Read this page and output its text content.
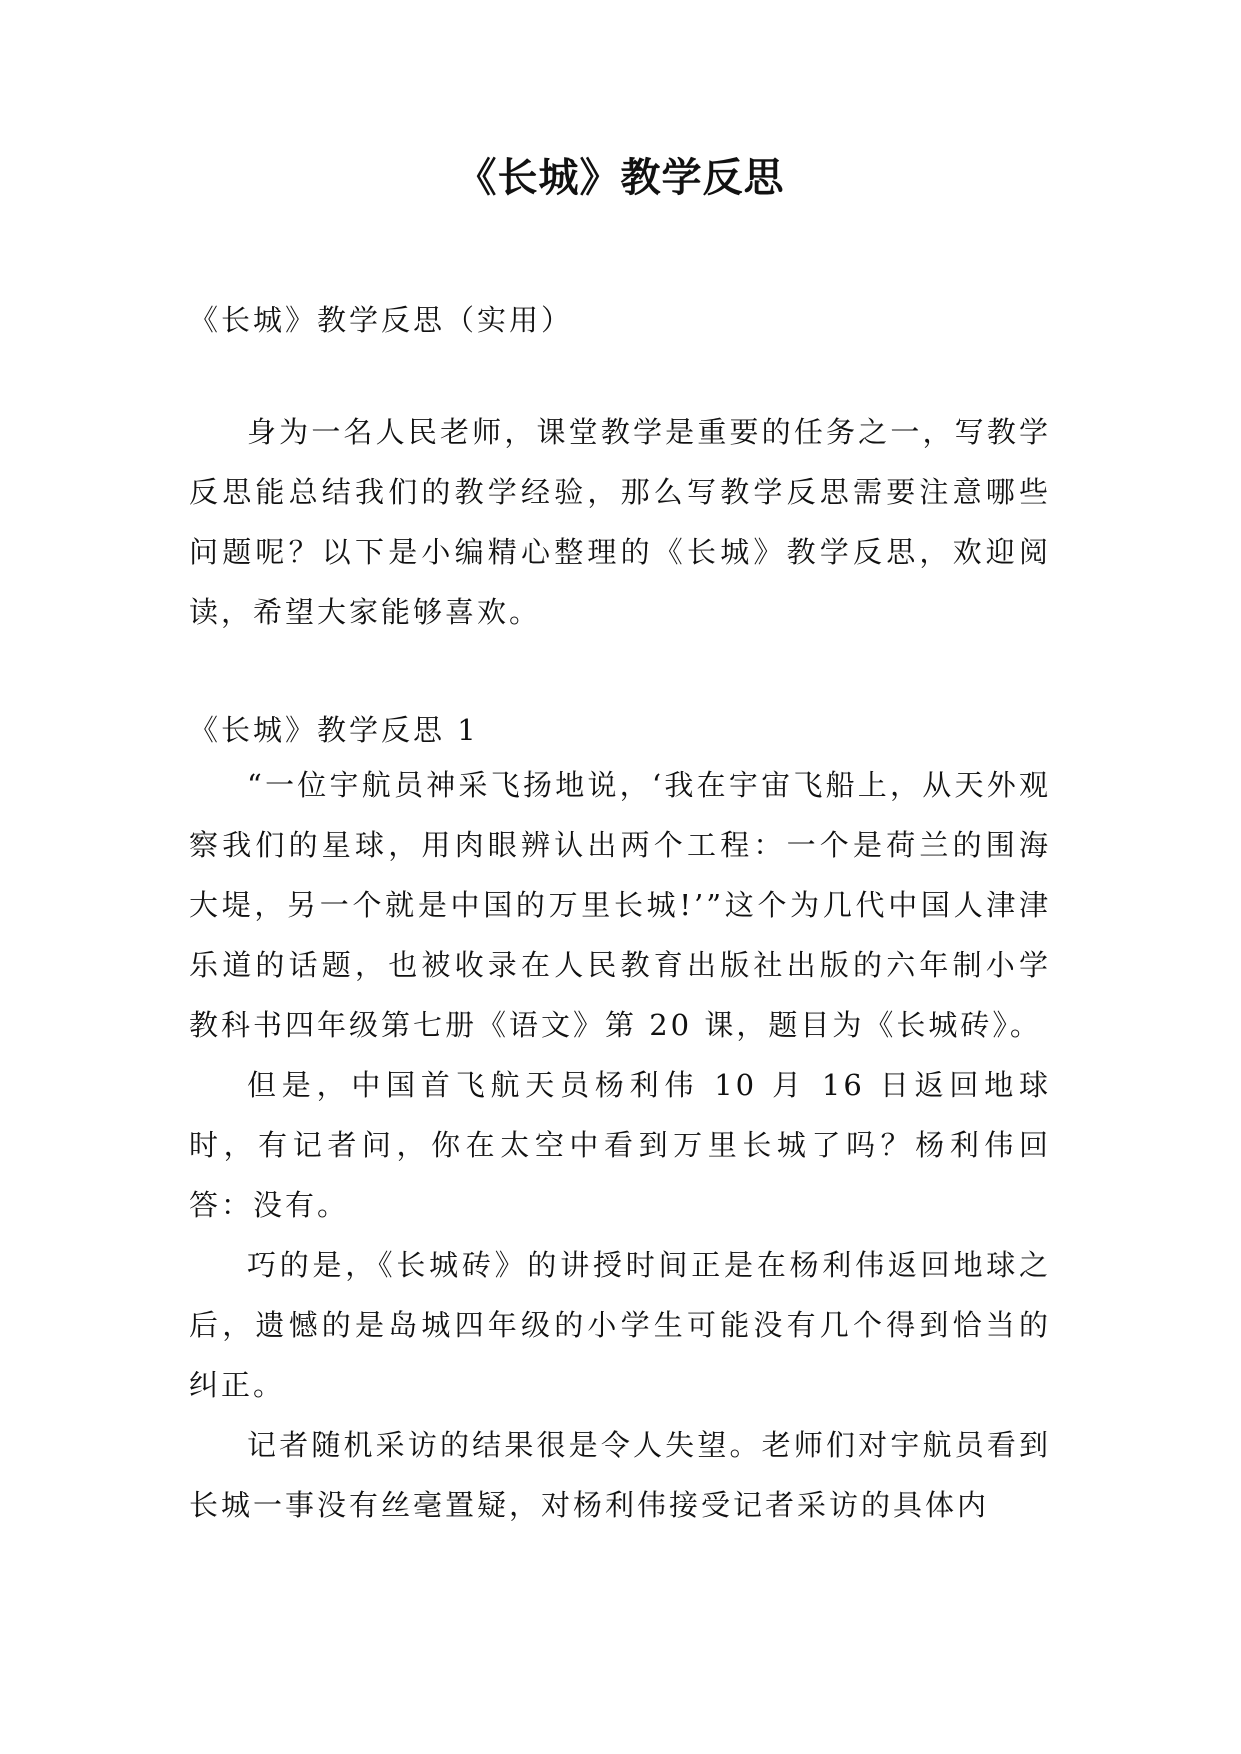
《长城》教学反思

《长城》教学反思（实用）

身为一名人民老师，课堂教学是重要的任务之一，写教学反思能总结我们的教学经验，那么写教学反思需要注意哪些问题呢？以下是小编精心整理的《长城》教学反思，欢迎阅读，希望大家能够喜欢。

《长城》教学反思 1

“一位宇航员神采飞扬地说，‘我在宇宙飞船上，从天外观察我们的星球，用肉眼辨认出两个工程：一个是荷兰的围海大堤，另一个就是中国的万里长城!’”这个为几代中国人津津乐道的话题，也被收录在人民教育出版社出版的六年制小学教科书四年级第七册《语文》第 20 课，题目为《长城砖》。

但是，中国首飞航天员杨利伟 10 月 16 日返回地球时，有记者问，你在太空中看到万里长城了吗？杨利伟回答：没有。

巧的是，《长城砖》的讲授时间正是在杨利伟返回地球之后，遗憾的是岛城四年级的小学生可能没有几个得到恰当的纠正。

记者随机采访的结果很是令人失望。老师们对宇航员看到长城一事没有丝毫置疑，对杨利伟接受记者采访的具体内
